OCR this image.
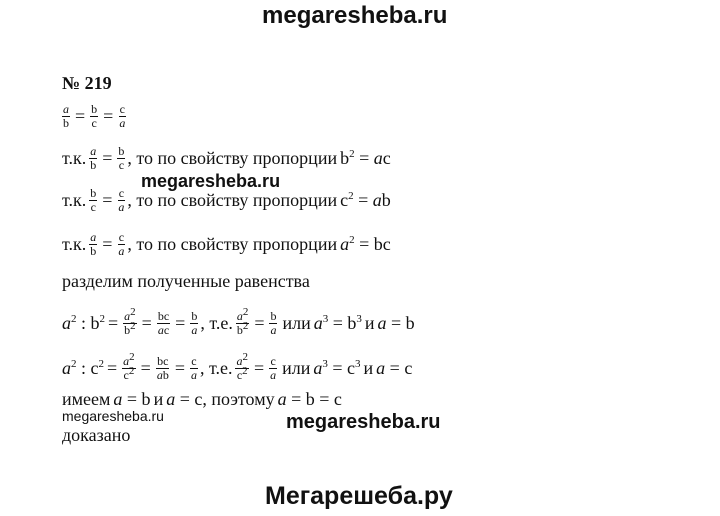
megaresheba.ru
megaresheba.ru
megaresheba.ru	megaresheba.ru
Мегарешеба.ру
№ 219
$\frac{a}{b} = \frac{b}{c} = \frac{c}{a}$
т.к. $\frac{a}{b} = \frac{b}{c}$ , то по свойству пропорции $b^2$ = ac
т.к. $\frac{b}{c} = \frac{c}{a}$ , то по свойству пропорции $c^2$ = ab
т.к. $\frac{a}{b} = \frac{c}{a}$ , то по свойству пропорции $a^2$ = bc
разделим полученные равенства
$a^2$ : $b^2 = \frac{a^2}{b^2} = \frac{bc}{ac} = \frac{b}{a}$ , т.е. $\frac{a^2}{b^2} = \frac{b}{a}$ или $a^3 = b^3$ и a = b
$a^2$ : $c^2 = \frac{a^2}{c^2} = \frac{bc}{ab} = \frac{c}{a}$ , т.е. $\frac{a^2}{c^2} = \frac{c}{a}$ или $a^3 = c^3$ и a = c
имеем a = b и a = c , поэтому a = b = c
доказано
